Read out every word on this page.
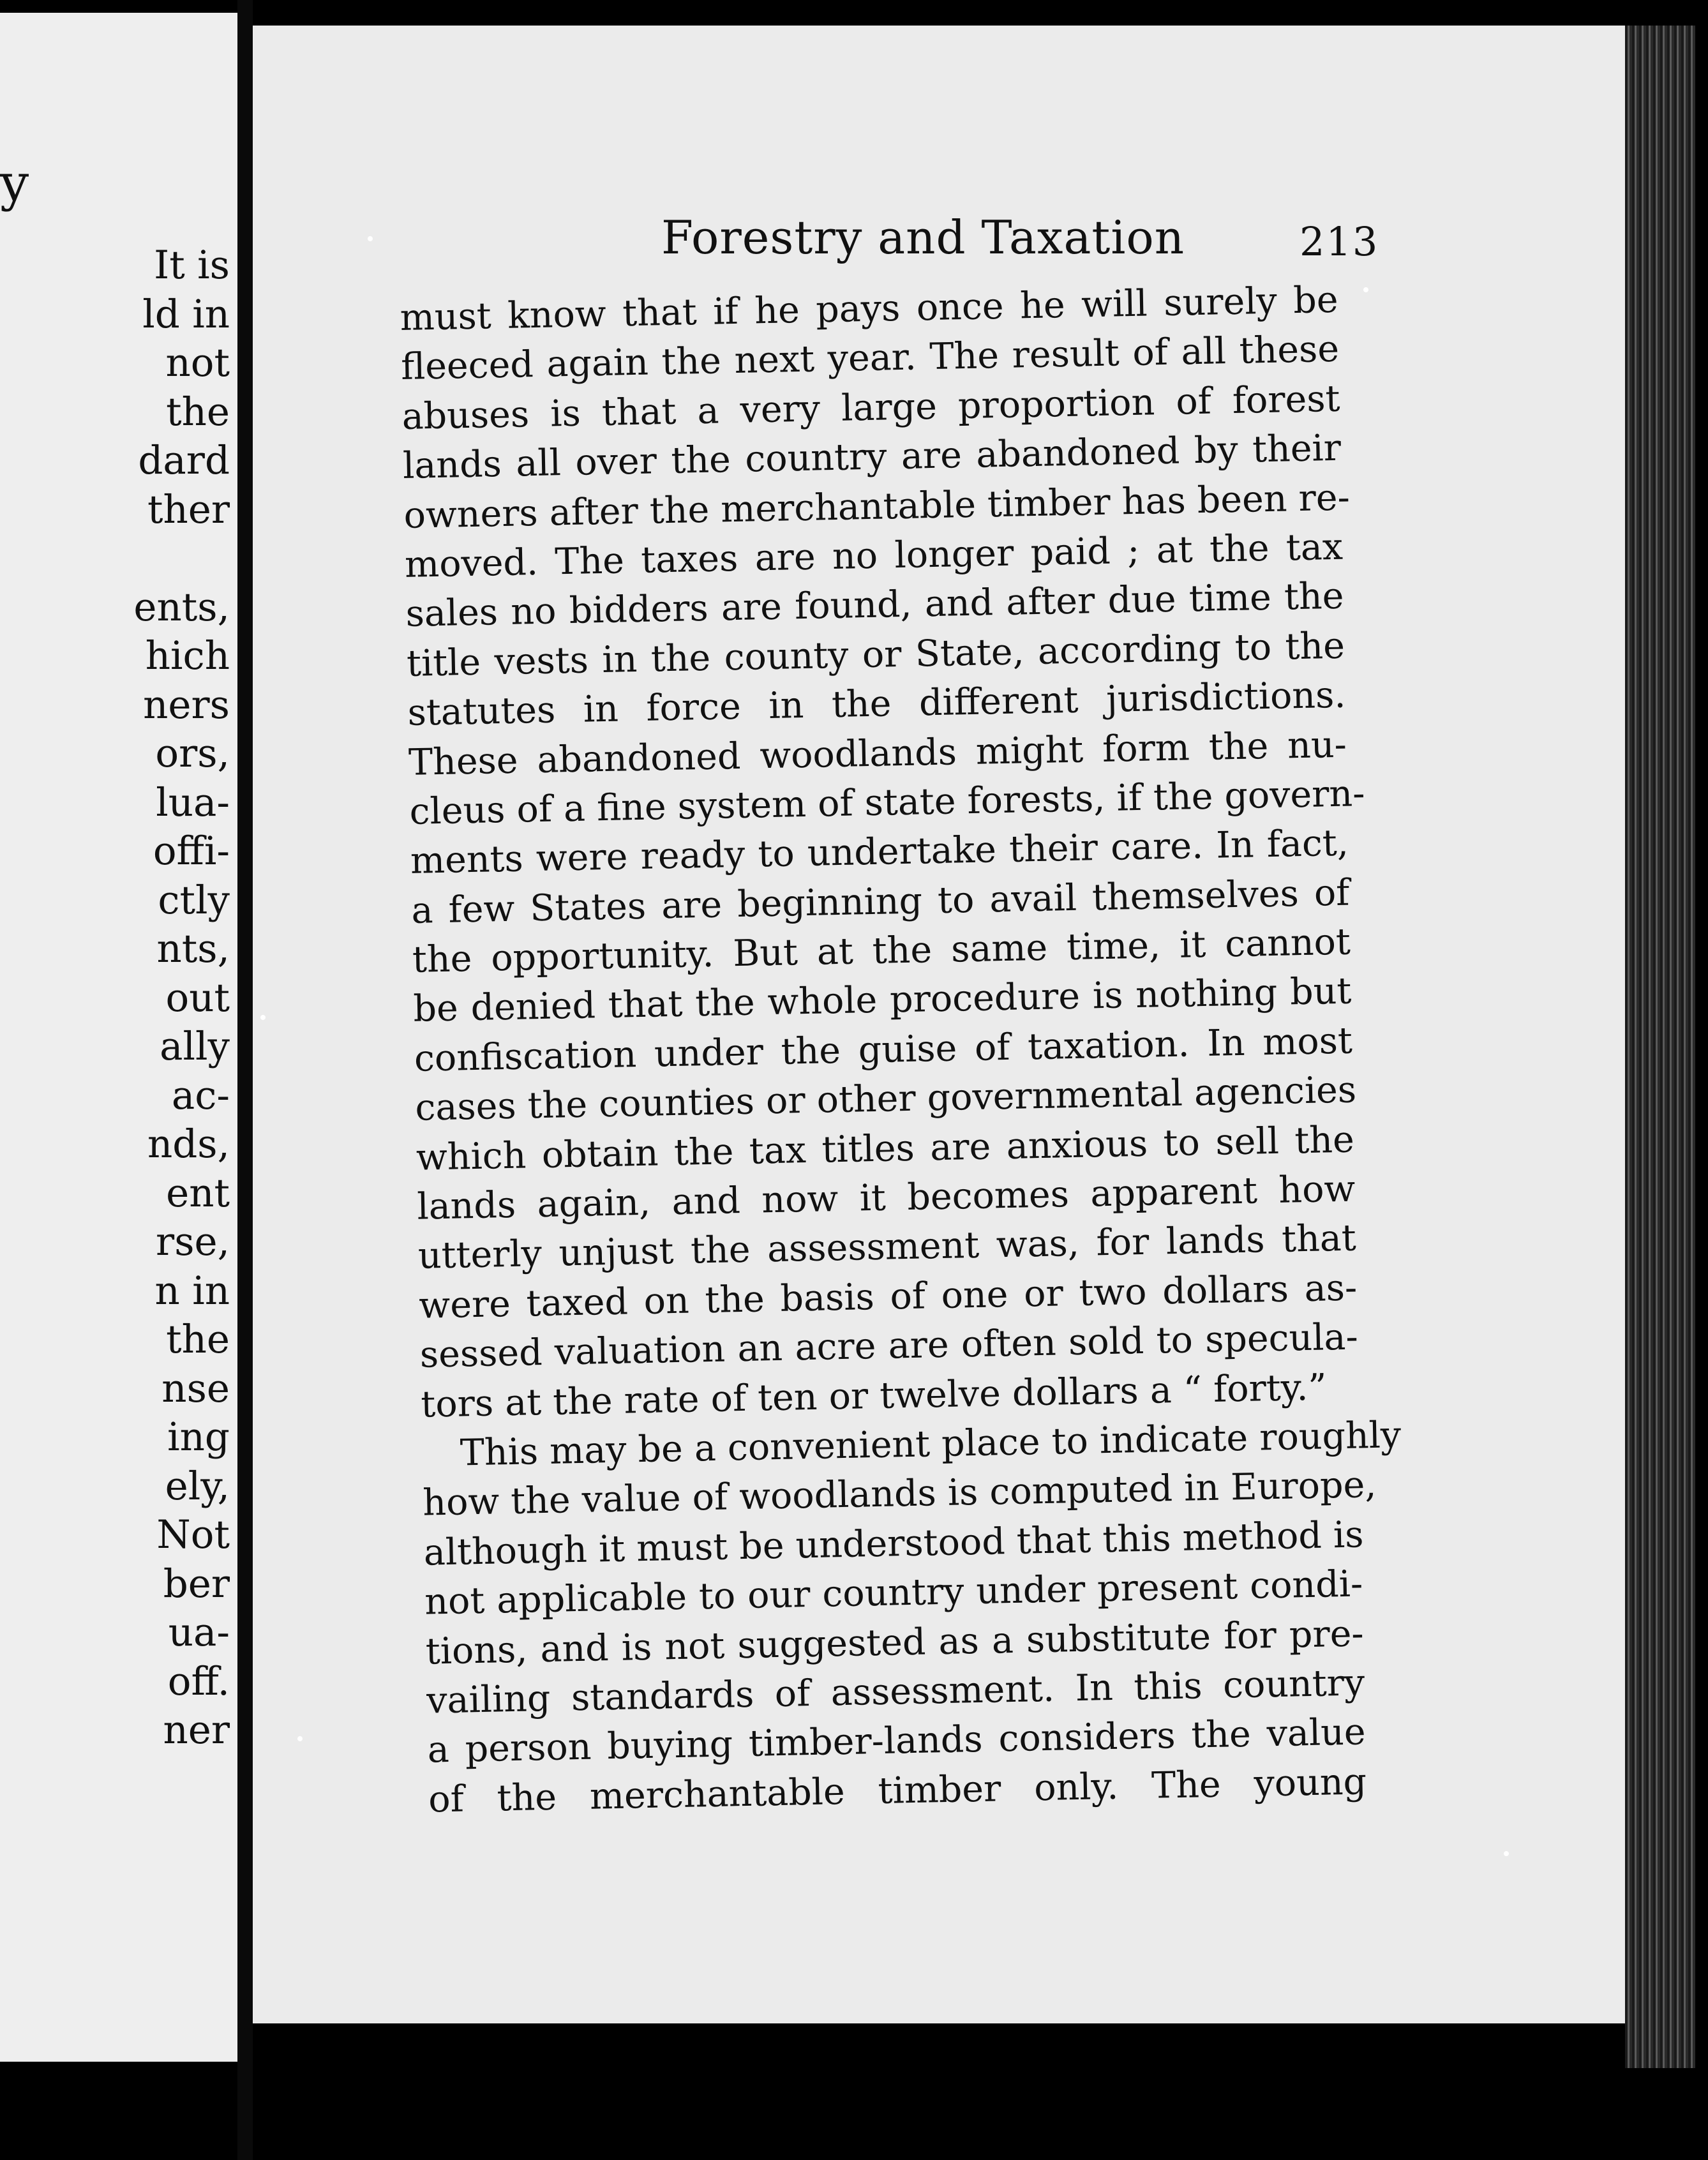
y
It is
ld in
not
the
dard
ther
ents,
hich
ners
ors,
lua-
offi-
ctly
nts,
out
ally
ac-
nds,
ent
rse,
n in
the
nse
ing
ely,
Not
ber
ua-
off.
ner
Forestry and Taxation	213
must know that if he pays once he will surely be
fleeced again the next year. The result of all these
abuses is that a very large proportion of forest
lands all over the country are abandoned by their
owners after the merchantable timber has been re-
moved. The taxes are no longer paid ; at the tax
sales no bidders are found, and after due time the
title vests in the county or State, according to the
statutes in force in the different jurisdictions.
These abandoned woodlands might form the nu-
cleus of a fine system of state forests, if the govern-
ments were ready to undertake their care. In fact,
a few States are beginning to avail themselves of
the opportunity. But at the same time, it cannot
be denied that the whole procedure is nothing but
confiscation under the guise of taxation. In most
cases the counties or other governmental agencies
which obtain the tax titles are anxious to sell the
lands again, and now it becomes apparent how
utterly unjust the assessment was, for lands that
were taxed on the basis of one or two dollars as-
sessed valuation an acre are often sold to specula-
tors at the rate of ten or twelve dollars a “ forty.”
This may be a convenient place to indicate roughly
how the value of woodlands is computed in Europe,
although it must be understood that this method is
not applicable to our country under present condi-
tions, and is not suggested as a substitute for pre-
vailing standards of assessment. In this country
a person buying timber-lands considers the value
of the merchantable timber only. The young
